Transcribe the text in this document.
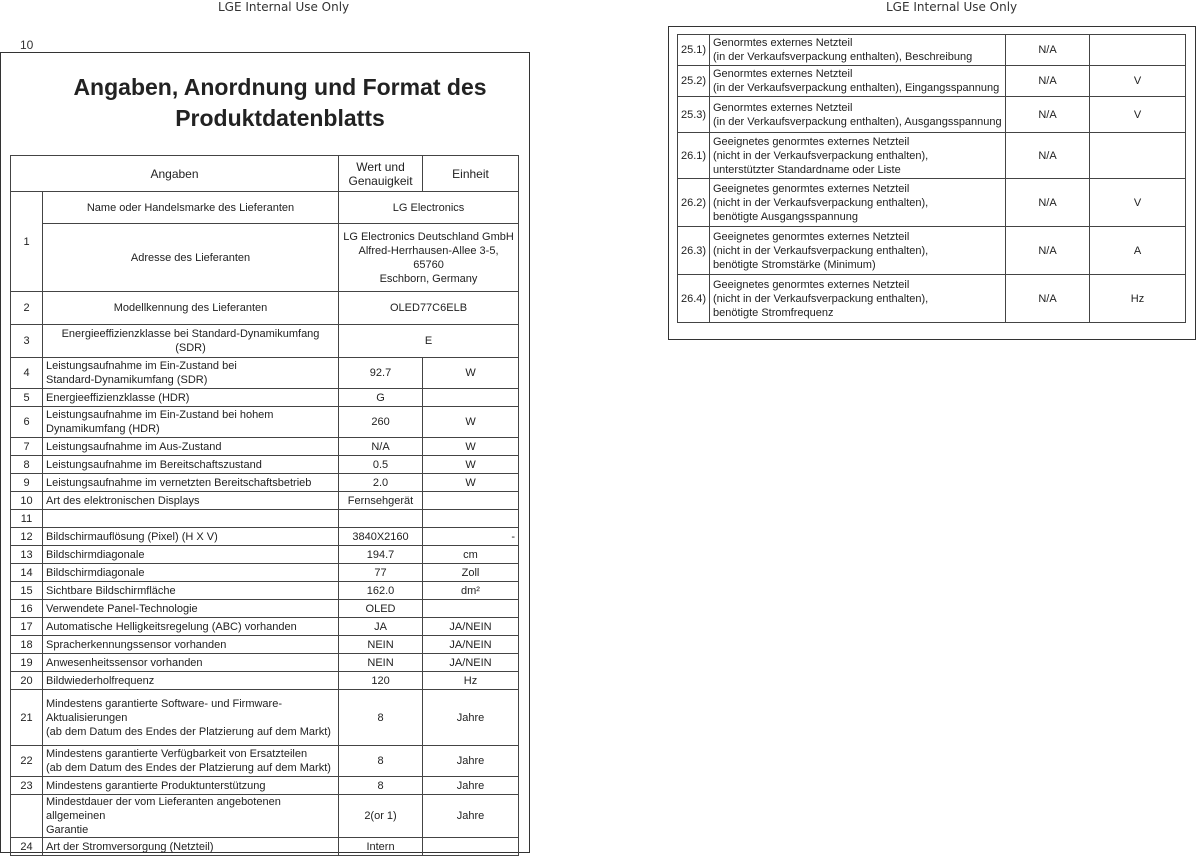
LGE Internal Use Only	LGE Internal Use Only
10
Angaben, Anordnung und Format des
Produktdatenblatts
Angaben		Wert und
Genauigkeit	Einheit
1	Name oder Handelsmarke des Lieferanten	LG Electronics	
	Adresse des Lieferanten	LG Electronics Deutschland GmbH
Alfred-Herrhausen-Allee 3-5, 65760
Eschborn, Germany	

2	Modellkennung des Lieferanten	OLED77C6ELB	
3	Energieeffizienzklasse bei Standard-Dynamikumfang (SDR)	E	
4	Leistungsaufnahme im Ein-Zustand bei
Standard-Dynamikumfang (SDR)	92.7	W
5	Energieeffizienzklasse (HDR)	G	
6	Leistungsaufnahme im Ein-Zustand bei hohem
Dynamikumfang (HDR)	260	W
7	Leistungsaufnahme im Aus-Zustand	N/A	W
8	Leistungsaufnahme im Bereitschaftszustand	0.5	W
9	Leistungsaufnahme im vernetzten Bereitschaftsbetrieb	2.0	W
10	Art des elektronischen Displays	Fernsehgerät	
11			
12	Bildschirmauflösung (Pixel) (H X V)	3840X2160	-
13	Bildschirmdiagonale	194.7	cm
14	Bildschirmdiagonale	77	Zoll
15	Sichtbare Bildschirmfläche	162.0	dm²
16	Verwendete Panel-Technologie	OLED	
17	Automatische Helligkeitsregelung (ABC) vorhanden	JA	JA/NEIN
18	Spracherkennungssensor vorhanden	NEIN	JA/NEIN
19	Anwesenheitssensor vorhanden	NEIN	JA/NEIN
20	Bildwiederholfrequenz	120	Hz
21	Mindestens garantierte Software- und Firmware-Aktualisierungen
(ab dem Datum des Endes der Platzierung auf dem Markt)	8	Jahre
22	Mindestens garantierte Verfügbarkeit von Ersatzteilen
(ab dem Datum des Endes der Platzierung auf dem Markt)	8	Jahre
23	Mindestens garantierte Produktunterstützung	8	Jahre

	Mindestdauer der vom Lieferanten angebotenen allgemeinen
Garantie	2(or 1)	Jahre
24	Art der Stromversorgung (Netzteil)	Intern	
25.1)	Genormtes externes Netzteil
(in der Verkaufsverpackung enthalten), Beschreibung	N/A	
25.2)	Genormtes externes Netzteil
(in der Verkaufsverpackung enthalten), Eingangsspannung	N/A	V
25.3)	Genormtes externes Netzteil
(in der Verkaufsverpackung enthalten), Ausgangsspannung	N/A	V
26.1)	Geeignetes genormtes externes Netzteil
(nicht in der Verkaufsverpackung enthalten),
unterstützter Standardname oder Liste	N/A	
26.2)	Geeignetes genormtes externes Netzteil
(nicht in der Verkaufsverpackung enthalten),
benötigte Ausgangsspannung	N/A	V
26.3)	Geeignetes genormtes externes Netzteil
(nicht in der Verkaufsverpackung enthalten),
benötigte Stromstärke (Minimum)	N/A	A
26.4)	Geeignetes genormtes externes Netzteil
(nicht in der Verkaufsverpackung enthalten),
benötigte Stromfrequenz	N/A	Hz
